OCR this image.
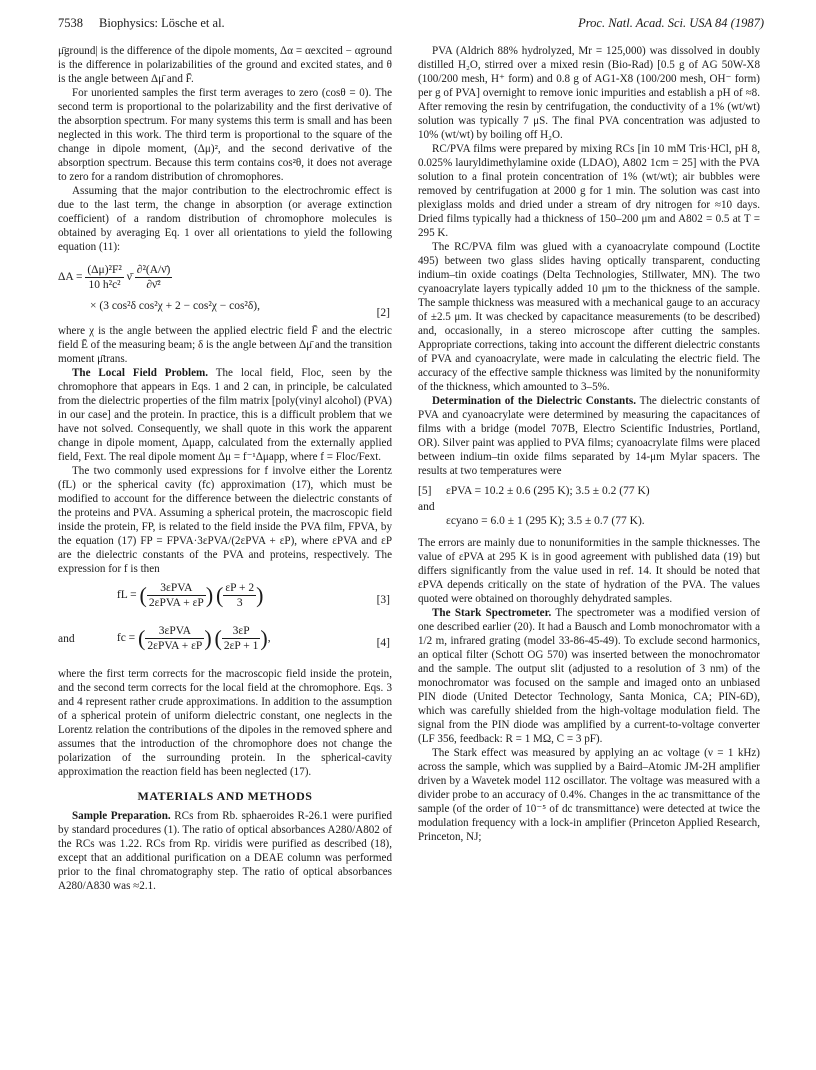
7538 Biophysics: Lösche et al.	Proc. Natl. Acad. Sci. USA 84 (1987)

μ̄ground| is the difference of the dipole moments, Δα = αexcited − αground is the difference in polarizabilities of the ground and excited states, and θ is the angle between Δμ̄ and F̄.

For unoriented samples the first term averages to zero (cosθ = 0). The second term is proportional to the polarizability and the first derivative of the absorption spectrum. For many systems this term is small and has been neglected in this work. The third term is proportional to the square of the change in dipole moment, (Δμ)², and the second derivative of the absorption spectrum. Because this term contains cos²θ, it does not average to zero for a random distribution of chromophores.

Assuming that the major contribution to the electrochromic effect is due to the last term, the change in absorption (or average extinction coefficient) of a random distribution of chromophore molecules is obtained by averaging Eq. 1 over all orientations to yield the following equation (11):

$\Delta A = \frac{\text{(Δμ)²F²}}{\text{10 h²c²}}$ ν̄ $\frac{\text{∂²(A/ν̄)}}{\text{∂ν̄²}}$
× (3 cos²δ cos²χ + 2 − cos²χ − cos²δ),
[2]

where χ is the angle between the applied electric field F̄ and the electric field Ē of the measuring beam; δ is the angle between Δμ̄ and the transition moment μ̄trans.

The Local Field Problem. The local field, Floc, seen by the chromophore that appears in Eqs. 1 and 2 can, in principle, be calculated from the dielectric properties of the film matrix [poly(vinyl alcohol) (PVA) in our case] and the protein. In practice, this is a difficult problem that we have not solved. Consequently, we shall quote in this work the apparent change in dipole moment, Δμapp, calculated from the externally applied field, Fext. The real dipole moment Δμ = f⁻¹Δμapp, where f = Floc/Fext.

The two commonly used expressions for f involve either the Lorentz (fL) or the spherical cavity (fc) approximation (17), which must be modified to account for the difference between the dielectric constants of the proteins and PVA. Assuming a spherical protein, the macroscopic field inside the protein, FP, is related to the field inside the PVA film, FPVA, by the equation (17) FP = FPVA·3εPVA/(2εPVA + εP), where εPVA and εP are the dielectric constants of the PVA and proteins, respectively. The expression for f is then

fL = ( $\frac{\text{3εPVA}}{\text{2εPVA + εP}}$ ) ( $\frac{\varepsilon P + 2}{3}$ )	[3]
and	fc = ( $\frac{\text{3εPVA}}{\text{2εPVA + εP}}$ ) ( $\frac{3\varepsilon P}{2\varepsilon P + 1}$ ),	[4]

where the first term corrects for the macroscopic field inside the protein, and the second term corrects for the local field at the chromophore. Eqs. 3 and 4 represent rather crude approximations. In addition to the assumption of a spherical protein of uniform dielectric constant, one neglects in the Lorentz relation the contributions of the dipoles in the removed sphere and assumes that the introduction of the chromophore does not change the polarization of the surrounding protein. In the spherical-cavity approximation the reaction field has been neglected (17).

MATERIALS AND METHODS

Sample Preparation. RCs from Rb. sphaeroides R-26.1 were purified by standard procedures (1). The ratio of optical absorbances A280/A802 of the RCs was 1.22. RCs from Rp. viridis were purified as described (18), except that an additional purification on a DEAE column was performed prior to the final chromatography step. The ratio of optical absorbances A280/A830 was ≈2.1.

PVA (Aldrich 88% hydrolyzed, Mr = 125,000) was dissolved in doubly distilled H₂O, stirred over a mixed resin (Bio-Rad) [0.5 g of AG 50W-X8 (100/200 mesh, H⁺ form) and 0.8 g of AG1-X8 (100/200 mesh, OH⁻ form) per g of PVA] overnight to remove ionic impurities and establish a pH of ≈8. After removing the resin by centrifugation, the conductivity of a 1% (wt/wt) solution was typically 7 μS. The final PVA concentration was adjusted to 10% (wt/wt) by boiling off H₂O.

RC/PVA films were prepared by mixing RCs [in 10 mM Tris·HCl, pH 8, 0.025% lauryldimethylamine oxide (LDAO), A802 1cm = 25] with the PVA solution to a final protein concentration of 1% (wt/wt); air bubbles were removed by centrifugation at 2000 g for 1 min. The solution was cast into plexiglass molds and dried under a stream of dry nitrogen for ≈10 days. Dried films typically had a thickness of 150–200 μm and A802 = 0.5 at T = 295 K.

The RC/PVA film was glued with a cyanoacrylate compound (Loctite 495) between two glass slides having optically transparent, conducting indium–tin oxide coatings (Delta Technologies, Stillwater, MN). The two cyanoacrylate layers typically added 10 μm to the thickness of the sample. The sample thickness was measured with a mechanical gauge to an accuracy of ±2.5 μm. It was checked by capacitance measurements (to be described) and, occasionally, in a stereo microscope after cutting the samples. Appropriate corrections, taking into account the different dielectric constants of PVA and cyanoacrylate, were made in calculating the electric field. The accuracy of the effective sample thickness was limited by the nonuniformity of the thickness, which amounted to 3–5%.

Determination of the Dielectric Constants. The dielectric constants of PVA and cyanoacrylate were determined by measuring the capacitances of films with a bridge (model 707B, Electro Scientific Industries, Portland, OR). Silver paint was applied to PVA films; cyanoacrylate films were placed between indium–tin oxide films separated by 14-μm Mylar spacers. The results at two temperatures were

εPVA = 10.2 ± 0.6 (295 K); 3.5 ± 0.2 (77 K)
and
εcyano = 6.0 ± 1 (295 K); 3.5 ± 0.7 (77 K).
[5]

The errors are mainly due to nonuniformities in the sample thicknesses. The value of εPVA at 295 K is in good agreement with published data (19) but differs significantly from the value used in ref. 14. It should be noted that εPVA depends critically on the state of hydration of the PVA. The values quoted were obtained on thoroughly dehydrated samples.

The Stark Spectrometer. The spectrometer was a modified version of one described earlier (20). It had a Bausch and Lomb monochromator with a 1/2 m, infrared grating (model 33-86-45-49). To exclude second harmonics, an optical filter (Schott OG 570) was inserted between the monochromator and the sample. The output slit (adjusted to a resolution of 3 nm) of the monochromator was focused on the sample and imaged onto an unbiased PIN diode (United Detector Technology, Santa Monica, CA; PIN-6D), which was carefully shielded from the high-voltage modulation field. The signal from the PIN diode was amplified by a current-to-voltage converter (LF 356, feedback: R = 1 MΩ, C = 3 pF).

The Stark effect was measured by applying an ac voltage (ν = 1 kHz) across the sample, which was supplied by a Baird–Atomic JM-2H amplifier driven by a Wavetek model 112 oscillator. The voltage was measured with a divider probe to an accuracy of 0.4%. Changes in the ac transmittance of the sample (of the order of 10⁻⁵ of dc transmittance) were detected at twice the modulation frequency with a lock-in amplifier (Princeton Applied Research, Princeton, NJ;
